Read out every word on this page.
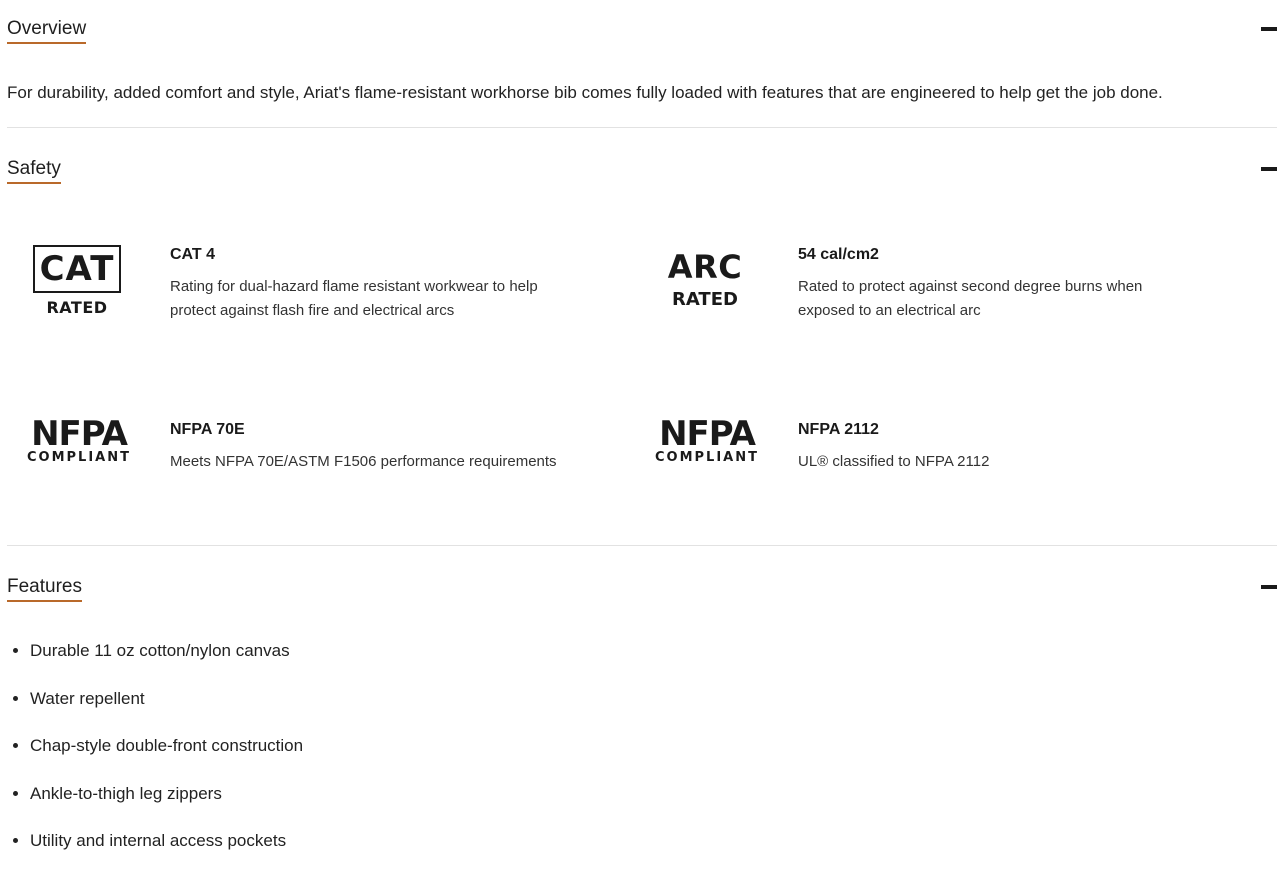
Overview
For durability, added comfort and style, Ariat's flame-resistant workhorse bib comes fully loaded with features that are engineered to help get the job done.
Safety
CAT
RATED
CAT 4
Rating for dual-hazard flame resistant workwear to help protect against flash fire and electrical arcs
ARC
RATED
54 cal/cm2
Rated to protect against second degree burns when exposed to an electrical arc
NFPA
COMPLIANT
NFPA 70E
Meets NFPA 70E/ASTM F1506 performance requirements
NFPA
COMPLIANT
NFPA 2112
UL® classified to NFPA 2112
Features
Durable 11 oz cotton/nylon canvas
Water repellent
Chap-style double-front construction
Ankle-to-thigh leg zippers
Utility and internal access pockets
